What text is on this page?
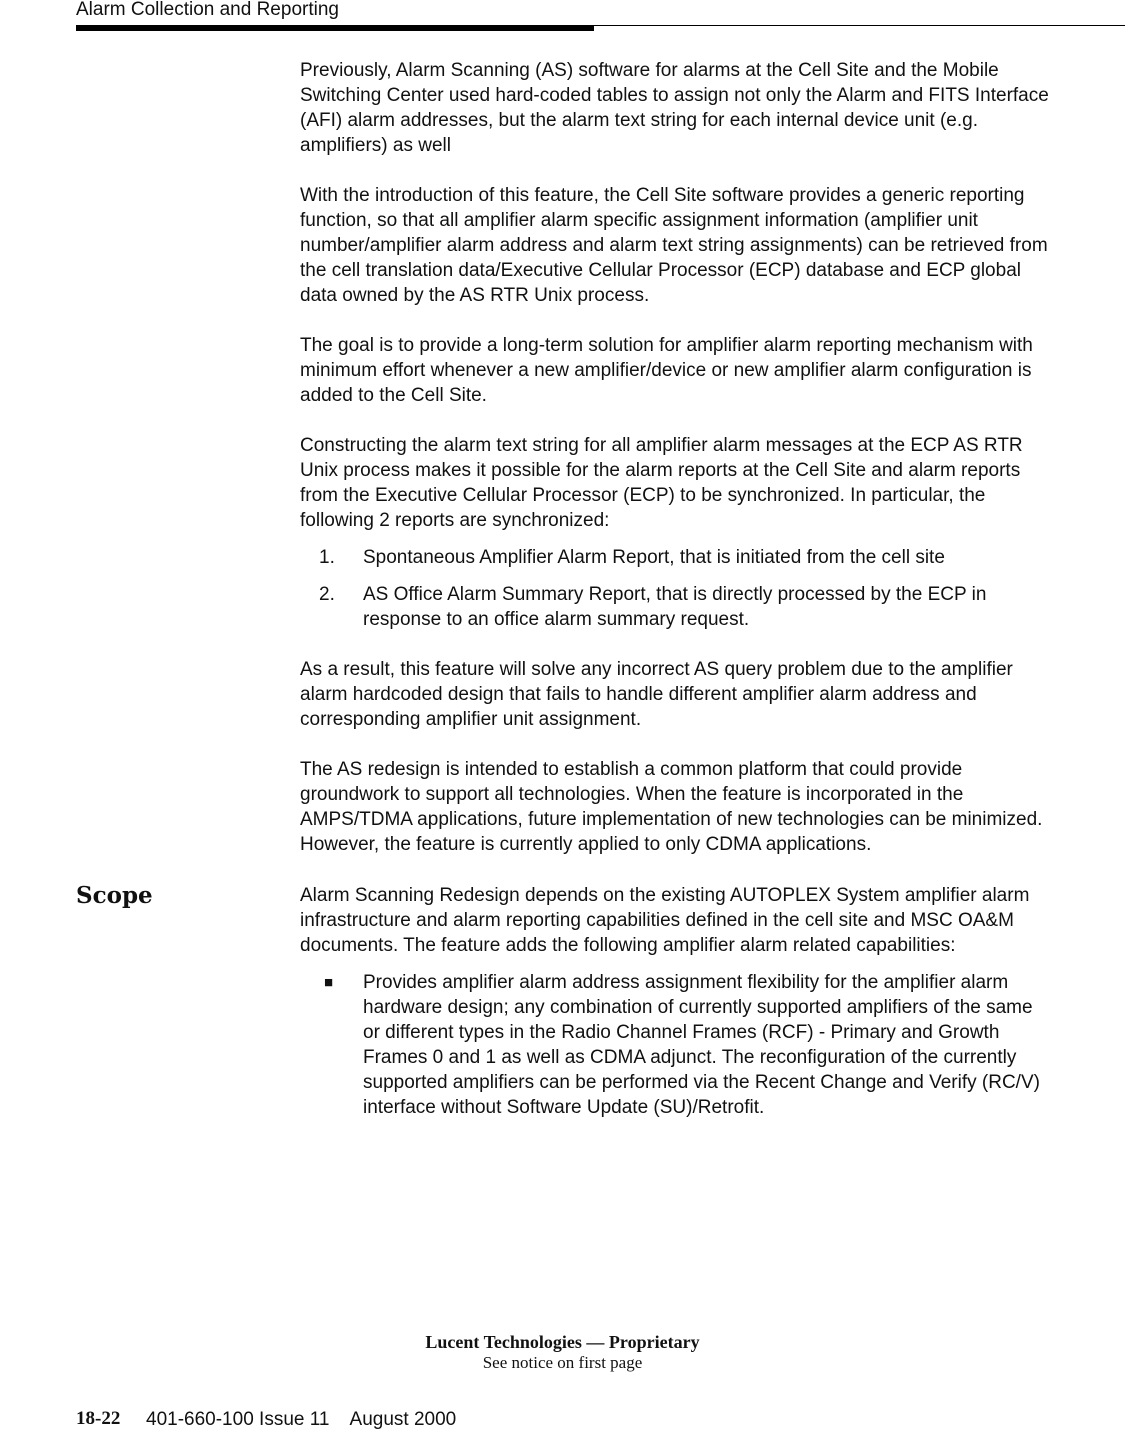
Alarm Collection and Reporting

Previously, Alarm Scanning (AS) software for alarms at the Cell Site and the Mobile Switching Center used hard-coded tables to assign not only the Alarm and FITS Interface (AFI) alarm addresses, but the alarm text string for each internal device unit (e.g. amplifiers) as well

With the introduction of this feature, the Cell Site software provides a generic reporting function, so that all amplifier alarm specific assignment information (amplifier unit number/amplifier alarm address and alarm text string assignments) can be retrieved from the cell translation data/Executive Cellular Processor (ECP) database and ECP global data owned by the AS RTR Unix process.

The goal is to provide a long-term solution for amplifier alarm reporting mechanism with minimum effort whenever a new amplifier/device or new amplifier alarm configuration is added to the Cell Site.

Constructing the alarm text string for all amplifier alarm messages at the ECP AS RTR Unix process makes it possible for the alarm reports at the Cell Site and alarm reports from the Executive Cellular Processor (ECP) to be synchronized. In particular, the following 2 reports are synchronized:

1. Spontaneous Amplifier Alarm Report, that is initiated from the cell site
2. AS Office Alarm Summary Report, that is directly processed by the ECP in response to an office alarm summary request.

As a result, this feature will solve any incorrect AS query problem due to the amplifier alarm hardcoded design that fails to handle different amplifier alarm address and corresponding amplifier unit assignment.

The AS redesign is intended to establish a common platform that could provide groundwork to support all technologies. When the feature is incorporated in the AMPS/TDMA applications, future implementation of new technologies can be minimized. However, the feature is currently applied to only CDMA applications.

Scope	Alarm Scanning Redesign depends on the existing AUTOPLEX System amplifier alarm infrastructure and alarm reporting capabilities defined in the cell site and MSC OA&M documents. The feature adds the following amplifier alarm related capabilities:

■ Provides amplifier alarm address assignment flexibility for the amplifier alarm hardware design; any combination of currently supported amplifiers of the same or different types in the Radio Channel Frames (RCF) - Primary and Growth Frames 0 and 1 as well as CDMA adjunct. The reconfiguration of the currently supported amplifiers can be performed via the Recent Change and Verify (RC/V) interface without Software Update (SU)/Retrofit.
Lucent Technologies — Proprietary
See notice on first page
18-22 401-660-100 Issue 11    August 2000
